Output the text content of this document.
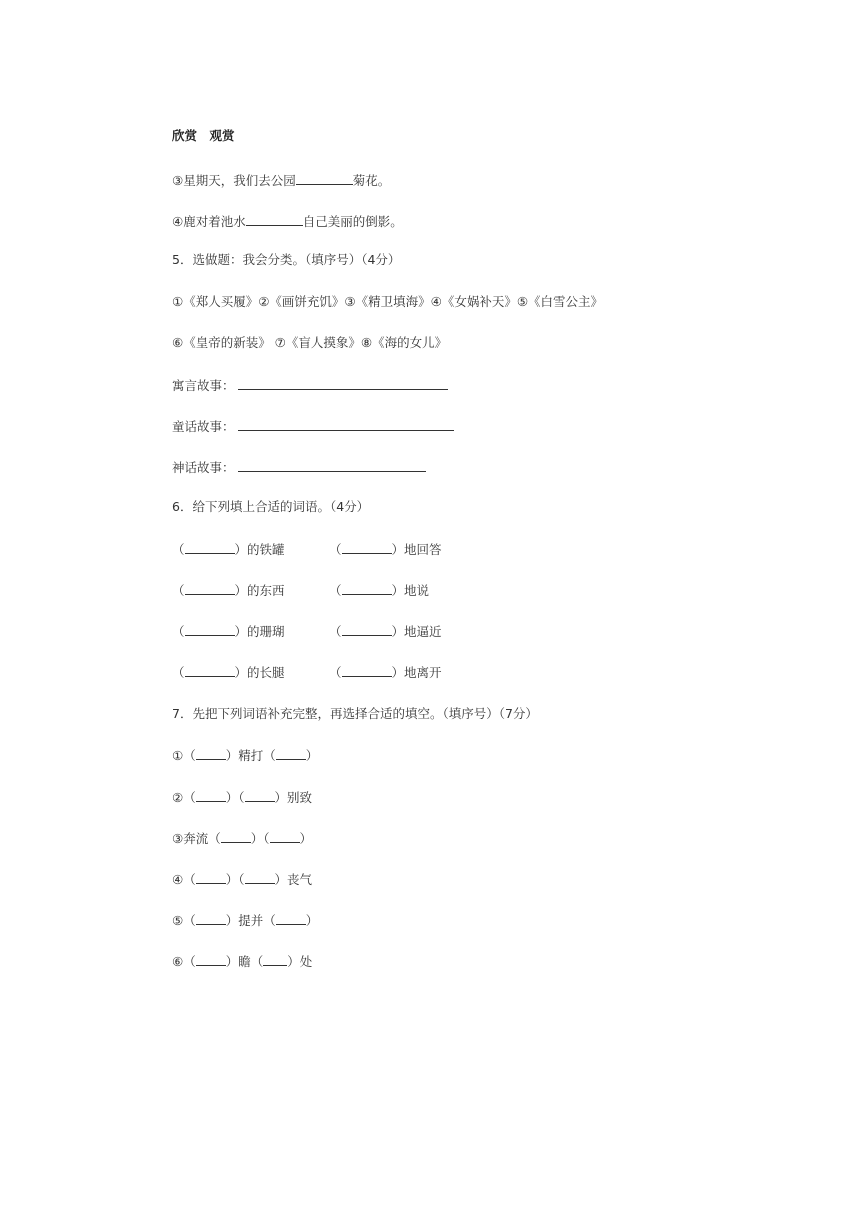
欣赏　观赏
③星期天，我们去公园	菊花。
④鹿对着池水	自己美丽的倒影。
5．选做题：我会分类。（填序号）（4分）
①《郑人买履》②《画饼充饥》③《精卫填海》④《女娲补天》⑤《白雪公主》
⑥《皇帝的新装》 ⑦《盲人摸象》⑧《海的女儿》
寓言故事：
童话故事：
神话故事：
6．给下列填上合适的词语。（4分）
（	）的铁罐	（	）地回答
（	）的东西	（	）地说
（	）的珊瑚	（	）地逼近
（	）的长腿	（	）地离开
7．先把下列词语补充完整，再选择合适的填空。（填序号）（7分）
①（ ）精打（ ）
②（ ）（ ）别致
③奔流（ ）（ ）
④（ ）（ ）丧气
⑤（ ）提并（ ）
⑥（ ）瞻（ ）处
